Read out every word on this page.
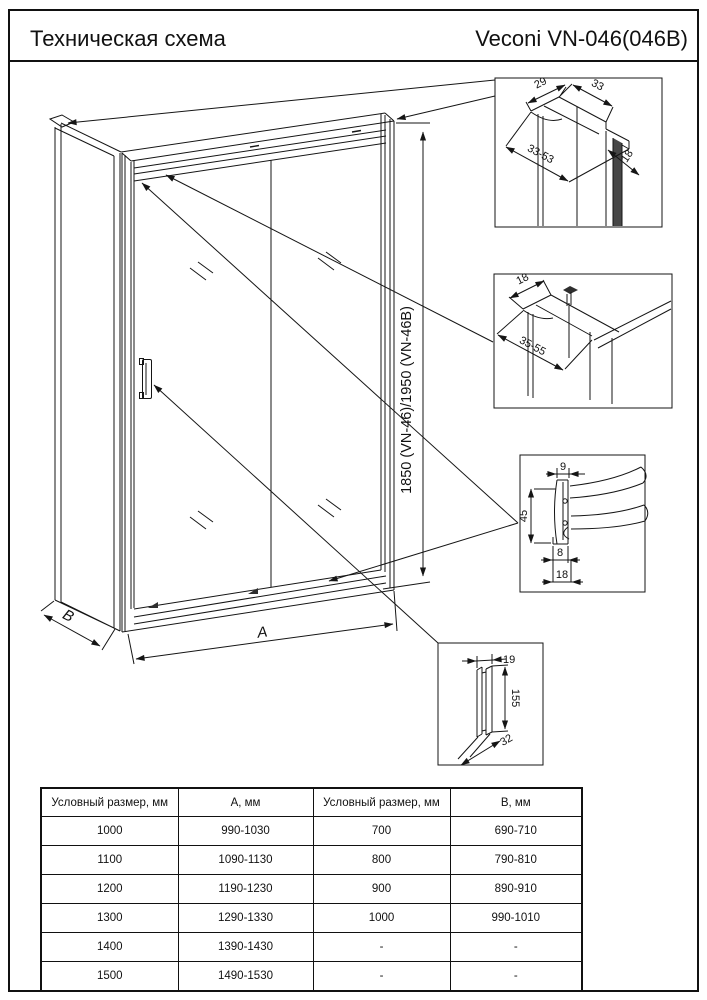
Техническая схема	Veconi VN-046(046B)
1850 (VN-46)/1950 (VN-46B)
A
B
29	33
33-53	18
18
35-55
9
45
8
18
19
155
32
Условный размер, мм	А, мм	Условный размер, мм	В, мм
1000	990-1030	700	690-710
1100	1090-1130	800	790-810
1200	1190-1230	900	890-910
1300	1290-1330	1000	990-1010
1400	1390-1430	-	-
1500	1490-1530	-	-
